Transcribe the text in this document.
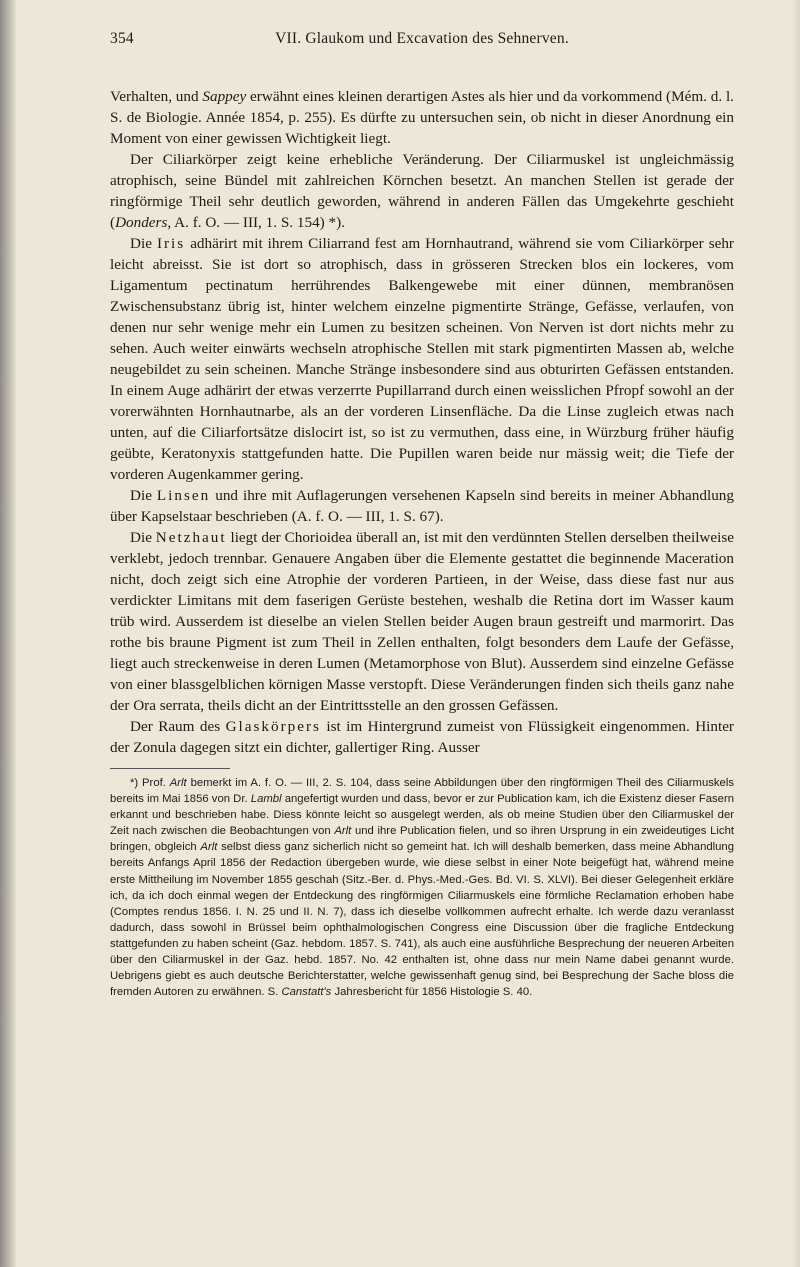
354	VII. Glaukom und Excavation des Sehnerven.

Verhalten, und Sappey erwähnt eines kleinen derartigen Astes als hier und da vorkommend (Mém. d. l. S. de Biologie. Année 1854, p. 255). Es dürfte zu untersuchen sein, ob nicht in dieser Anordnung ein Moment von einer gewissen Wichtigkeit liegt.

Der Ciliarkörper zeigt keine erhebliche Veränderung. Der Ciliarmuskel ist ungleichmässig atrophisch, seine Bündel mit zahlreichen Körnchen besetzt. An manchen Stellen ist gerade der ringförmige Theil sehr deutlich geworden, während in anderen Fällen das Umgekehrte geschieht (Donders, A. f. O. — III, 1. S. 154) *).

Die Iris adhärirt mit ihrem Ciliarrand fest am Hornhautrand, während sie vom Ciliarkörper sehr leicht abreisst. Sie ist dort so atrophisch, dass in grösseren Strecken blos ein lockeres, vom Ligamentum pectinatum herrührendes Balkengewebe mit einer dünnen, membranösen Zwischensubstanz übrig ist, hinter welchem einzelne pigmentirte Stränge, Gefässe, verlaufen, von denen nur sehr wenige mehr ein Lumen zu besitzen scheinen. Von Nerven ist dort nichts mehr zu sehen. Auch weiter einwärts wechseln atrophische Stellen mit stark pigmentirten Massen ab, welche neugebildet zu sein scheinen. Manche Stränge insbesondere sind aus obturirten Gefässen entstanden. In einem Auge adhärirt der etwas verzerrte Pupillarrand durch einen weisslichen Pfropf sowohl an der vorerwähnten Hornhautnarbe, als an der vorderen Linsenfläche. Da die Linse zugleich etwas nach unten, auf die Ciliarfortsätze dislocirt ist, so ist zu vermuthen, dass eine, in Würzburg früher häufig geübte, Keratonyxis stattgefunden hatte. Die Pupillen waren beide nur mässig weit; die Tiefe der vorderen Augenkammer gering.

Die Linsen und ihre mit Auflagerungen versehenen Kapseln sind bereits in meiner Abhandlung über Kapselstaar beschrieben (A. f. O. — III, 1. S. 67).

Die Netzhaut liegt der Chorioidea überall an, ist mit den verdünnten Stellen derselben theilweise verklebt, jedoch trennbar. Genauere Angaben über die Elemente gestattet die beginnende Maceration nicht, doch zeigt sich eine Atrophie der vorderen Partieen, in der Weise, dass diese fast nur aus verdickter Limitans mit dem faserigen Gerüste bestehen, weshalb die Retina dort im Wasser kaum trüb wird. Ausserdem ist dieselbe an vielen Stellen beider Augen braun gestreift und marmorirt. Das rothe bis braune Pigment ist zum Theil in Zellen enthalten, folgt besonders dem Laufe der Gefässe, liegt auch streckenweise in deren Lumen (Metamorphose von Blut). Ausserdem sind einzelne Gefässe von einer blassgelblichen körnigen Masse verstopft. Diese Veränderungen finden sich theils ganz nahe der Ora serrata, theils dicht an der Eintrittsstelle an den grossen Gefässen.

Der Raum des Glaskörpers ist im Hintergrund zumeist von Flüssigkeit eingenommen. Hinter der Zonula dagegen sitzt ein dichter, gallertiger Ring. Ausser

*) Prof. Arlt bemerkt im A. f. O. — III, 2. S. 104, dass seine Abbildungen über den ringförmigen Theil des Ciliarmuskels bereits im Mai 1856 von Dr. Lambl angefertigt wurden und dass, bevor er zur Publication kam, ich die Existenz dieser Fasern erkannt und beschrieben habe. Diess könnte leicht so ausgelegt werden, als ob meine Studien über den Ciliarmuskel der Zeit nach zwischen die Beobachtungen von Arlt und ihre Publication fielen, und so ihren Ursprung in ein zweideutiges Licht bringen, obgleich Arlt selbst diess ganz sicherlich nicht so gemeint hat. Ich will deshalb bemerken, dass meine Abhandlung bereits Anfangs April 1856 der Redaction übergeben wurde, wie diese selbst in einer Note beigefügt hat, während meine erste Mittheilung im November 1855 geschah (Sitz.-Ber. d. Phys.-Med.-Ges. Bd. VI. S. XLVI). Bei dieser Gelegenheit erkläre ich, da ich doch einmal wegen der Entdeckung des ringförmigen Ciliarmuskels eine förmliche Reclamation erhoben habe (Comptes rendus 1856. I. N. 25 und II. N. 7), dass ich dieselbe vollkommen aufrecht erhalte. Ich werde dazu veranlasst dadurch, dass sowohl in Brüssel beim ophthalmologischen Congress eine Discussion über die fragliche Entdeckung stattgefunden zu haben scheint (Gaz. hebdom. 1857. S. 741), als auch eine ausführliche Besprechung der neueren Arbeiten über den Ciliarmuskel in der Gaz. hebd. 1857. No. 42 enthalten ist, ohne dass nur mein Name dabei genannt wurde. Uebrigens giebt es auch deutsche Berichterstatter, welche gewissenhaft genug sind, bei Besprechung der Sache bloss die fremden Autoren zu erwähnen. S. Canstatt's Jahresbericht für 1856 Histologie S. 40.
